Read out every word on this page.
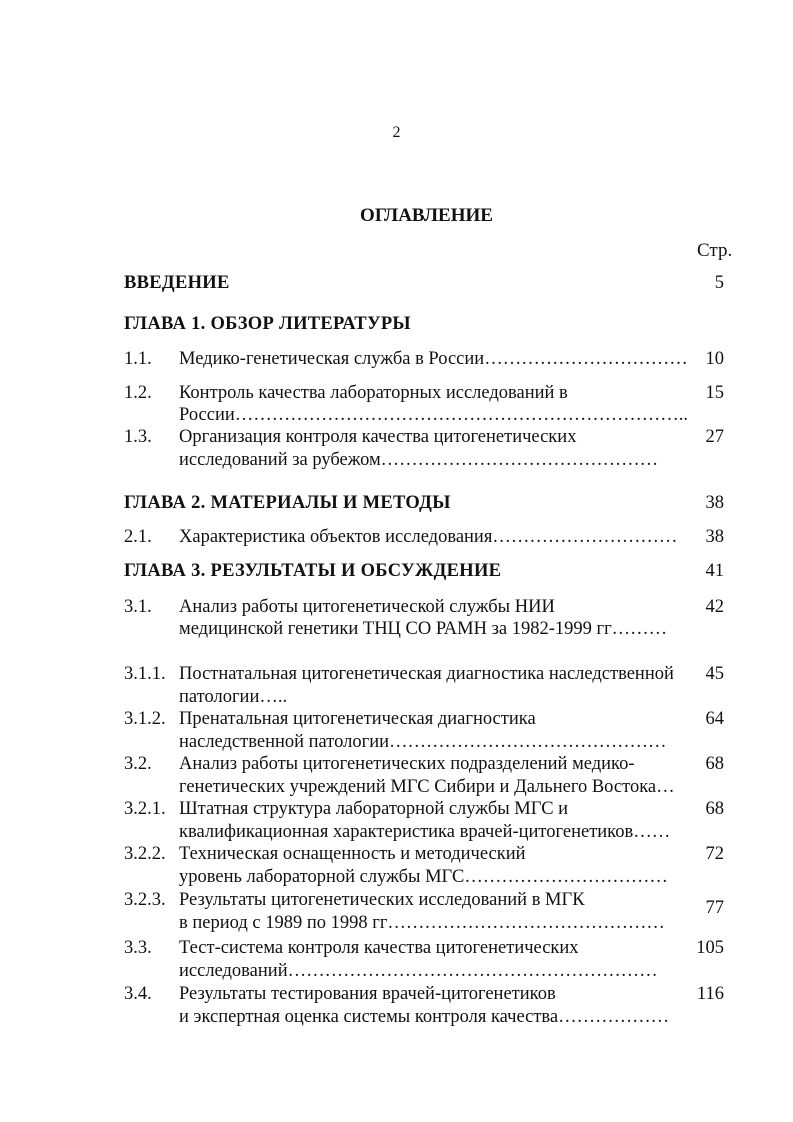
2
ОГЛАВЛЕНИЕ
Стр.
ВВЕДЕНИЕ	5
ГЛАВА 1. ОБЗОР ЛИТЕРАТУРЫ
1.1. Медико-генетическая служба в России…………………………… 10
1.2. Контроль качества лабораторных исследований в
России………………………………………………………………..
15
1.3. Организация контроля качества цитогенетических
исследований за рубежом………………………………………
27
ГЛАВА 2. МАТЕРИАЛЫ И МЕТОДЫ	38
2.1. Характеристика объектов исследования………………………… 38
ГЛАВА 3. РЕЗУЛЬТАТЫ И ОБСУЖДЕНИЕ	41
3.1. Анализ работы цитогенетической службы НИИ
медицинской генетики ТНЦ СО РАМН за 1982-1999 гг………
42
3.1.1. Постнатальная цитогенетическая диагностика наследственной
патологии…..
45
3.1.2. Пренатальная цитогенетическая диагностика
наследственной патологии………………………………………
64
3.2. Анализ работы цитогенетических подразделений медико-
генетических учреждений МГС Сибири и Дальнего Востока…
68
3.2.1. Штатная структура лабораторной службы МГС и
квалификационная характеристика врачей-цитогенетиков……
68
3.2.2. Техническая оснащенность и методический
уровень лабораторной службы МГС……………………………
72
3.2.3. Результаты цитогенетических исследований в МГК
в период с 1989 по 1998 гг………………………………………
77
3.3. Тест-система контроля качества цитогенетических
исследований……………………………………………………
105
3.4. Результаты тестирования врачей-цитогенетиков
и экспертная оценка системы контроля качества………………
116
